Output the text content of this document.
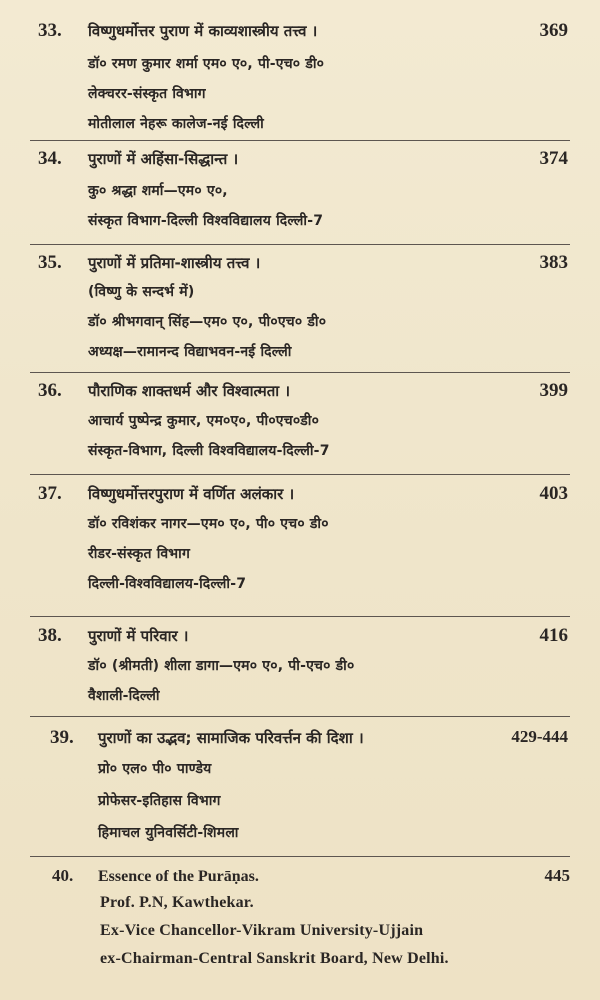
33. विष्णुधर्मोत्तर पुराण में काव्यशास्त्रीय तत्त्व ।	369
डॉ० रमण कुमार शर्मा एम० ए०, पी-एच० डी०
लेक्चरर-संस्कृत विभाग
मोतीलाल नेहरू कालेज-नई दिल्ली
34. पुराणों में अहिंसा-सिद्धान्त ।	374
कु० श्रद्धा शर्मा—एम० ए०,
संस्कृत विभाग-दिल्ली विश्वविद्यालय दिल्ली-7
35. पुराणों में प्रतिमा-शास्त्रीय तत्त्व ।	383
(विष्णु के सन्दर्भ में)
डॉ० श्रीभगवान् सिंह—एम० ए०, पी०एच० डी०
अध्यक्ष—रामानन्द विद्याभवन-नई दिल्ली
36. पौराणिक शाक्तधर्म और विश्वात्मता ।	399
आचार्य पुष्पेन्द्र कुमार, एम०ए०, पी०एच०डी०
संस्कृत-विभाग, दिल्ली विश्वविद्यालय-दिल्ली-7
37. विष्णुधर्मोत्तरपुराण में वर्णित अलंकार ।	403
डॉ० रविशंकर नागर—एम० ए०, पी० एच० डी०
रीडर-संस्कृत विभाग
दिल्ली-विश्वविद्यालय-दिल्ली-7
38. पुराणों में परिवार ।	416
डॉ० (श्रीमती) शीला डागा—एम० ए०, पी-एच० डी०
वैशाली-दिल्ली
39. पुराणों का उद्भव; सामाजिक परिवर्त्तन की दिशा ।	429-444
प्रो० एल० पी० पाण्डेय
प्रोफेसर-इतिहास विभाग
हिमाचल युनिवर्सिटी-शिमला
40. Essence of the Purāṇas.	445
Prof. P.N, Kawthekar.
Ex-Vice Chancellor-Vikram University-Ujjain
ex-Chairman-Central Sanskrit Board, New Delhi.
